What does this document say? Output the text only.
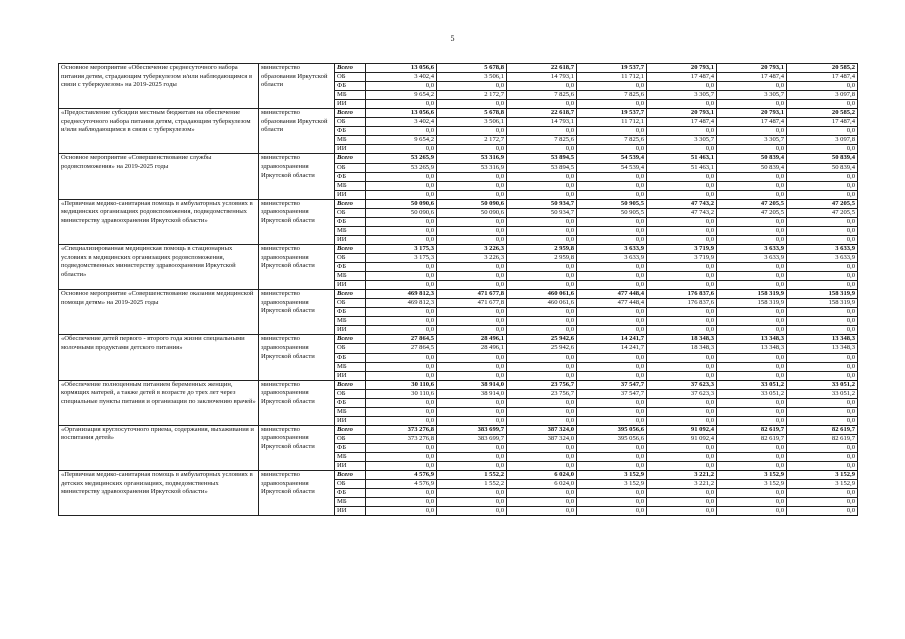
5
Основное мероприятие «Обеспечение среднесуточного набора питания детям, страдающим туберкулезом и/или наблюдающимся в связи с туберкулезом» на 2019-2025 годы	министерство образования Иркутской области	Всего	13 056,6	5 678,8	22 618,7	19 537,7	20 793,1	20 793,1	20 585,2
		ОБ	3 402,4	3 506,1	14 793,1	11 712,1	17 487,4	17 487,4	17 487,4
		ФБ	0,0	0,0	0,0	0,0	0,0	0,0	0,0
		МБ	9 654,2	2 172,7	7 825,6	7 825,6	3 305,7	3 305,7	3 097,8
		ИИ	0,0	0,0	0,0	0,0	0,0	0,0	0,0
«Предоставление субсидии местным бюджетам на обеспечение среднесуточного набора питания детям, страдающим туберкулезом и/или наблюдающимся в связи с туберкулезом»	министерство образования Иркутской области	Всего	13 056,6	5 678,8	22 618,7	19 537,7	20 793,1	20 793,1	20 585,2
		ОБ	3 402,4	3 506,1	14 793,1	11 712,1	17 487,4	17 487,4	17 487,4
		ФБ	0,0	0,0	0,0	0,0	0,0	0,0	0,0
		МБ	9 654,2	2 172,7	7 825,6	7 825,6	3 305,7	3 305,7	3 097,8
		ИИ	0,0	0,0	0,0	0,0	0,0	0,0	0,0
Основное мероприятие «Совершенствование службы родовспоможения» на 2019-2025 годы	министерство здравоохранения Иркутской области	Всего	53 265,9	53 316,9	53 894,5	54 539,4	51 463,1	50 839,4	50 839,4
		ОБ	53 265,9	53 316,9	53 894,5	54 539,4	51 463,1	50 839,4	50 839,4
		ФБ	0,0	0,0	0,0	0,0	0,0	0,0	0,0
		МБ	0,0	0,0	0,0	0,0	0,0	0,0	0,0
		ИИ	0,0	0,0	0,0	0,0	0,0	0,0	0,0
«Первичная медико-санитарная помощь в амбулаторных условиях в медицинских организациях родовспоможения, подведомственных министерству здравоохранения Иркутской области»	министерство здравоохранения Иркутской области	Всего	50 090,6	50 090,6	50 934,7	50 905,5	47 743,2	47 205,5	47 205,5
		ОБ	50 090,6	50 090,6	50 934,7	50 905,5	47 743,2	47 205,5	47 205,5
		ФБ	0,0	0,0	0,0	0,0	0,0	0,0	0,0
		МБ	0,0	0,0	0,0	0,0	0,0	0,0	0,0
		ИИ	0,0	0,0	0,0	0,0	0,0	0,0	0,0
«Специализированная медицинская помощь в стационарных условиях в медицинских организациях родовспоможения, подведомственных министерству здравоохранения Иркутской области»	министерство здравоохранения Иркутской области	Всего	3 175,3	3 226,3	2 959,8	3 633,9	3 719,9	3 633,9	3 633,9
		ОБ	3 175,3	3 226,3	2 959,8	3 633,9	3 719,9	3 633,9	3 633,9
		ФБ	0,0	0,0	0,0	0,0	0,0	0,0	0,0
		МБ	0,0	0,0	0,0	0,0	0,0	0,0	0,0
		ИИ	0,0	0,0	0,0	0,0	0,0	0,0	0,0
Основное мероприятие «Совершенствование оказания медицинской помощи детям» на 2019-2025 годы	министерство здравоохранения Иркутской области	Всего	469 812,3	471 677,8	460 061,6	477 448,4	176 837,6	158 319,9	158 319,9
		ОБ	469 812,3	471 677,8	460 061,6	477 448,4	176 837,6	158 319,9	158 319,9
		ФБ	0,0	0,0	0,0	0,0	0,0	0,0	0,0
		МБ	0,0	0,0	0,0	0,0	0,0	0,0	0,0
		ИИ	0,0	0,0	0,0	0,0	0,0	0,0	0,0
«Обеспечение детей первого - второго года жизни специальными молочными продуктами детского питания»	министерство здравоохранения Иркутской области	Всего	27 864,5	28 496,1	25 942,6	14 241,7	18 348,3	13 348,3	13 348,3
		ОБ	27 864,5	28 496,1	25 942,6	14 241,7	18 348,3	13 348,3	13 348,3
		ФБ	0,0	0,0	0,0	0,0	0,0	0,0	0,0
		МБ	0,0	0,0	0,0	0,0	0,0	0,0	0,0
		ИИ	0,0	0,0	0,0	0,0	0,0	0,0	0,0
«Обеспечение полноценным питанием беременных женщин, кормящих матерей, а также детей в возрасте до трех лет через специальные пункты питания и организации по заключению врачей»	министерство здравоохранения Иркутской области	Всего	30 110,6	38 914,0	23 756,7	37 547,7	37 623,3	33 051,2	33 051,2
		ОБ	30 110,6	38 914,0	23 756,7	37 547,7	37 623,3	33 051,2	33 051,2
		ФБ	0,0	0,0	0,0	0,0	0,0	0,0	0,0
		МБ	0,0	0,0	0,0	0,0	0,0	0,0	0,0
		ИИ	0,0	0,0	0,0	0,0	0,0	0,0	0,0
«Организация круглосуточного приема, содержания, выхаживания и воспитания детей»	министерство здравоохранения Иркутской области	Всего	373 276,8	383 699,7	387 324,0	395 056,6	91 092,4	82 619,7	82 619,7
		ОБ	373 276,8	383 699,7	387 324,0	395 056,6	91 092,4	82 619,7	82 619,7
		ФБ	0,0	0,0	0,0	0,0	0,0	0,0	0,0
		МБ	0,0	0,0	0,0	0,0	0,0	0,0	0,0
		ИИ	0,0	0,0	0,0	0,0	0,0	0,0	0,0
«Первичная медико-санитарная помощь в амбулаторных условиях в детских медицинских организациях, подведомственных министерству здравоохранения Иркутской области»	министерство здравоохранения Иркутской области	Всего	4 576,9	1 552,2	6 024,0	3 152,9	3 221,2	3 152,9	3 152,9
		ОБ	4 576,9	1 552,2	6 024,0	3 152,9	3 221,2	3 152,9	3 152,9
		ФБ	0,0	0,0	0,0	0,0	0,0	0,0	0,0
		МБ	0,0	0,0	0,0	0,0	0,0	0,0	0,0
		ИИ	0,0	0,0	0,0	0,0	0,0	0,0	0,0
